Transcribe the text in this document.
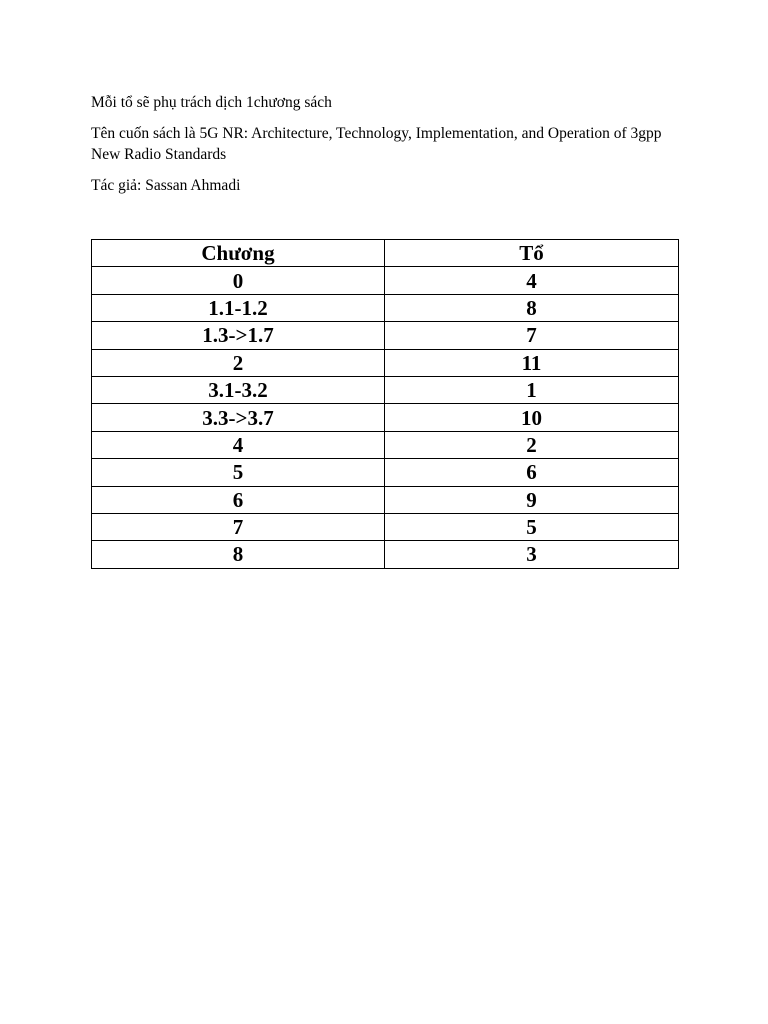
Mỗi tổ sẽ phụ trách dịch 1chương sách

Tên cuốn sách là 5G NR: Architecture, Technology, Implementation, and Operation of 3gpp New Radio Standards

Tác giả: Sassan Ahmadi

Chương	Tổ
0	4
1.1-1.2	8
1.3->1.7	7
2	11
3.1-3.2	1
3.3->3.7	10
4	2
5	6
6	9
7	5
8	3
